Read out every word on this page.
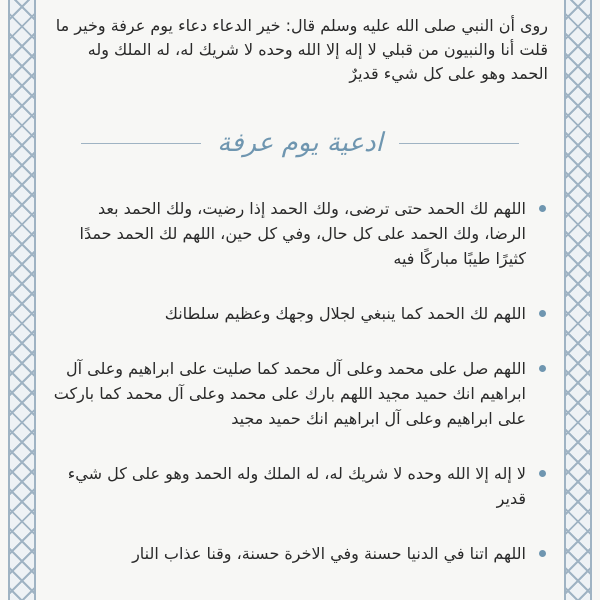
روى أن النبي صلى الله عليه وسلم قال: خير الدعاء دعاء يوم عرفة وخير ما قلت أنا والنبيون من قبلي لا إله إلا الله وحده لا شريك له، له الملك وله الحمد وهو على كل شيء قديرٌ

ادعية يوم عرفة
اللهم لك الحمد حتى ترضى، ولك الحمد إذا رضيت، ولك الحمد بعد الرضا، ولك الحمد على كل حال، وفي كل حين، اللهم لك الحمد حمدًا كثيرًا طيبًا مباركًا فيه
اللهم لك الحمد كما ينبغي لجلال وجهك وعظيم سلطانك
اللهم صل على محمد وعلى آل محمد كما صليت على ابراهيم وعلى آل ابراهيم انك حميد مجيد اللهم بارك على محمد وعلى آل محمد كما باركت على ابراهيم وعلى آل ابراهيم انك حميد مجيد
لا إله إلا الله وحده لا شريك له، له الملك وله الحمد وهو على كل شيء قدير
اللهم اتنا في الدنيا حسنة وفي الاخرة حسنة، وقنا عذاب النار
